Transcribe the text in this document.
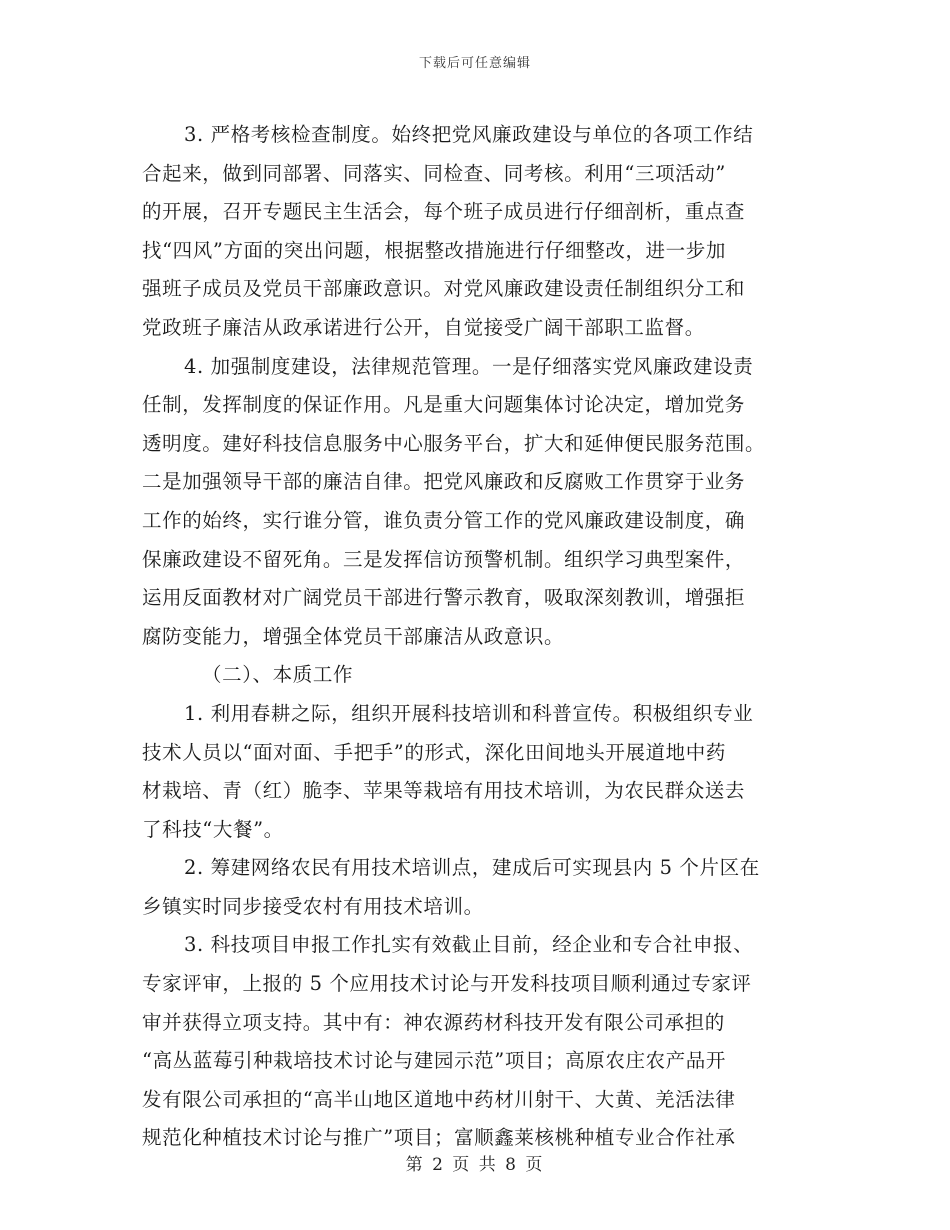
下载后可任意编辑
3. 严格考核检查制度。始终把党风廉政建设与单位的各项工作结
合起来，做到同部署、同落实、同检查、同考核。利用“三项活动”
的开展，召开专题民主生活会，每个班子成员进行仔细剖析，重点查
找“四风”方面的突出问题，根据整改措施进行仔细整改，进一步加
强班子成员及党员干部廉政意识。对党风廉政建设责任制组织分工和
党政班子廉洁从政承诺进行公开，自觉接受广阔干部职工监督。
4. 加强制度建设，法律规范管理。一是仔细落实党风廉政建设责
任制，发挥制度的保证作用。凡是重大问题集体讨论决定，增加党务
透明度。建好科技信息服务中心服务平台，扩大和延伸便民服务范围。
二是加强领导干部的廉洁自律。把党风廉政和反腐败工作贯穿于业务
工作的始终，实行谁分管，谁负责分管工作的党风廉政建设制度，确
保廉政建设不留死角。三是发挥信访预警机制。组织学习典型案件，
运用反面教材对广阔党员干部进行警示教育，吸取深刻教训，增强拒
腐防变能力，增强全体党员干部廉洁从政意识。
（二）、本质工作
1. 利用春耕之际，组织开展科技培训和科普宣传。积极组织专业
技术人员以“面对面、手把手”的形式，深化田间地头开展道地中药
材栽培、青（红）脆李、苹果等栽培有用技术培训，为农民群众送去
了科技“大餐”。
2. 筹建网络农民有用技术培训点，建成后可实现县内 5 个片区在
乡镇实时同步接受农村有用技术培训。
3. 科技项目申报工作扎实有效截止目前，经企业和专合社申报、
专家评审，上报的 5 个应用技术讨论与开发科技项目顺利通过专家评
审并获得立项支持。其中有：神农源药材科技开发有限公司承担的
“高丛蓝莓引种栽培技术讨论与建园示范”项目；高原农庄农产品开
发有限公司承担的“高半山地区道地中药材川射干、大黄、羌活法律
规范化种植技术讨论与推广”项目；富顺鑫莱核桃种植专业合作社承
第 2 页 共 8 页
